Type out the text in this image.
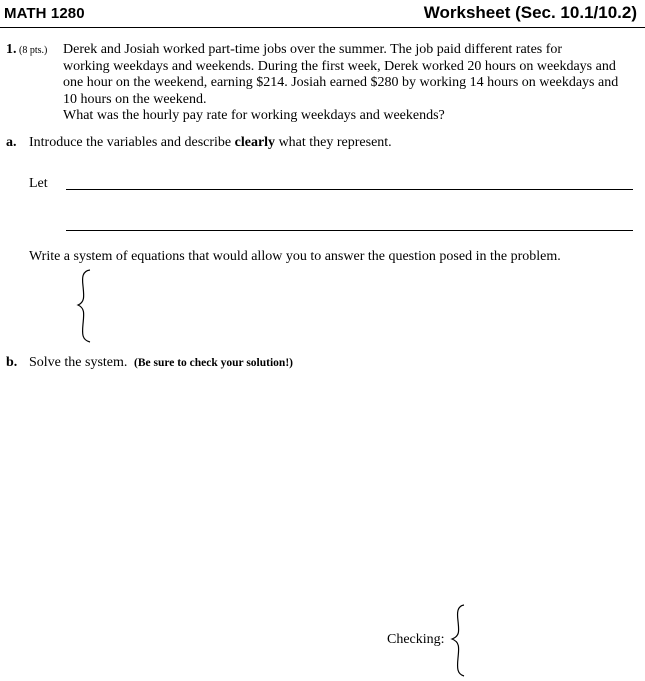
MATH 1280	Worksheet (Sec. 10.1/10.2)
1. (8 pts.) Derek and Josiah worked part-time jobs over the summer. The job paid different rates for
working weekdays and weekends. During the first week, Derek worked 20 hours on weekdays and
one hour on the weekend, earning $214. Josiah earned $280 by working 14 hours on weekdays and
10 hours on the weekend.
What was the hourly pay rate for working weekdays and weekends?
a. Introduce the variables and describe clearly what they represent.
Let
Write a system of equations that would allow you to answer the question posed in the problem.
b. Solve the system. (Be sure to check your solution!)
Checking:
